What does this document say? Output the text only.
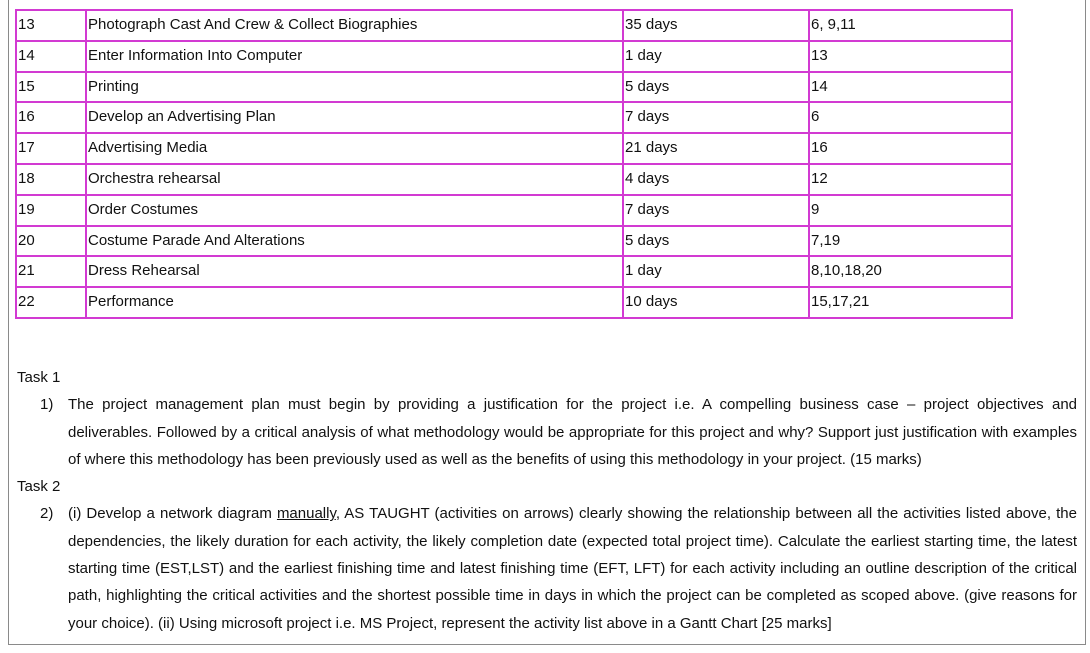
13	Photograph Cast And Crew & Collect Biographies	35 days	6, 9,11
14	Enter Information Into Computer	1 day	13
15	Printing	5 days	14
16	Develop an Advertising Plan	7 days	6
17	Advertising Media	21 days	16
18	Orchestra rehearsal	4 days	12
19	Order Costumes	7 days	9
20	Costume Parade And Alterations	5 days	7,19
21	Dress Rehearsal	1 day	8,10,18,20
22	Performance	10 days	15,17,21

Task 1

1) The project management plan must begin by providing a justification for the project i.e. A compelling business case – project objectives and deliverables. Followed by a critical analysis of what methodology would be appropriate for this project and why? Support just justification with examples of where this methodology has been previously used as well as the benefits of using this methodology in your project. (15 marks)

Task 2

2) (i) Develop a network diagram manually, AS TAUGHT (activities on arrows) clearly showing the relationship between all the activities listed above, the dependencies, the likely duration for each activity, the likely completion date (expected total project time). Calculate the earliest starting time, the latest starting time (EST,LST) and the earliest finishing time and latest finishing time (EFT, LFT) for each activity including an outline description of the critical path, highlighting the critical activities and the shortest possible time in days in which the project can be completed as scoped above. (give reasons for your choice). (ii) Using microsoft project i.e. MS Project, represent the activity list above in a Gantt Chart [25 marks]
